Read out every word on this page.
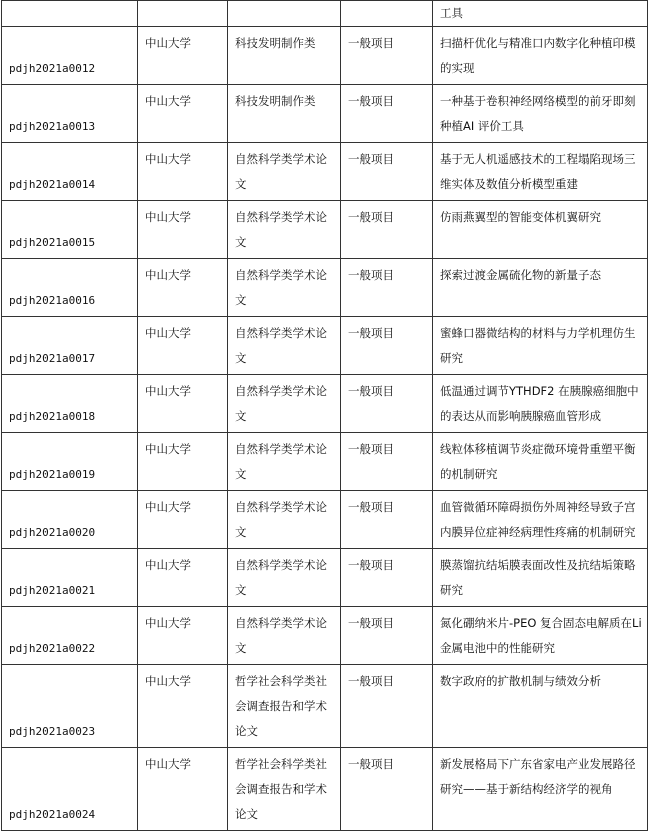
				工具
pdjh2021a0012	中山大学	科技发明制作类	一般项目	扫描杆优化与精准口内数字化种植印模的实现
pdjh2021a0013	中山大学	科技发明制作类	一般项目	一种基于卷积神经网络模型的前牙即刻种植AI 评价工具
pdjh2021a0014	中山大学	自然科学类学术论文	一般项目	基于无人机遥感技术的工程塌陷现场三维实体及数值分析模型重建
pdjh2021a0015	中山大学	自然科学类学术论文	一般项目	仿雨燕翼型的智能变体机翼研究
pdjh2021a0016	中山大学	自然科学类学术论文	一般项目	探索过渡金属硫化物的新量子态
pdjh2021a0017	中山大学	自然科学类学术论文	一般项目	蜜蜂口器微结构的材料与力学机理仿生研究
pdjh2021a0018	中山大学	自然科学类学术论文	一般项目	低温通过调节YTHDF2 在胰腺癌细胞中的表达从而影响胰腺癌血管形成
pdjh2021a0019	中山大学	自然科学类学术论文	一般项目	线粒体移植调节炎症微环境骨重塑平衡的机制研究
pdjh2021a0020	中山大学	自然科学类学术论文	一般项目	血管微循环障碍损伤外周神经导致子宫内膜异位症神经病理性疼痛的机制研究
pdjh2021a0021	中山大学	自然科学类学术论文	一般项目	膜蒸馏抗结垢膜表面改性及抗结垢策略研究
pdjh2021a0022	中山大学	自然科学类学术论文	一般项目	氮化硼纳米片-PEO 复合固态电解质在Li 金属电池中的性能研究
pdjh2021a0023	中山大学	哲学社会科学类社会调查报告和学术论文	一般项目	数字政府的扩散机制与绩效分析
pdjh2021a0024	中山大学	哲学社会科学类社会调查报告和学术论文	一般项目	新发展格局下广东省家电产业发展路径研究——基于新结构经济学的视角
